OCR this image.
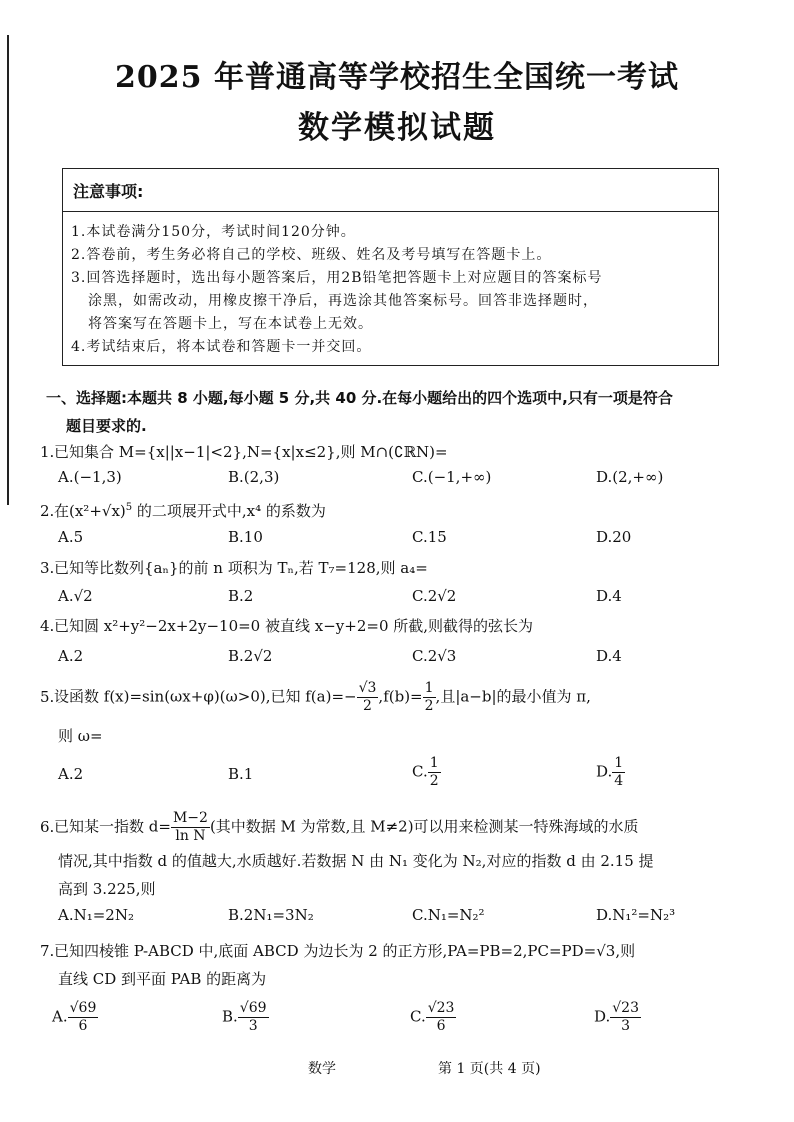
2025 年普通高等学校招生全国统一考试
数学模拟试题
注意事项:
1.本试卷满分150分，考试时间120分钟。
2.答卷前，考生务必将自己的学校、班级、姓名及考号填写在答题卡上。
3.回答选择题时，选出每小题答案后，用2B铅笔把答题卡上对应题目的答案标号
涂黑，如需改动，用橡皮擦干净后，再选涂其他答案标号。回答非选择题时，
将答案写在答题卡上，写在本试卷上无效。
4.考试结束后，将本试卷和答题卡一并交回。
一、选择题:本题共 8 小题,每小题 5 分,共 40 分.在每小题给出的四个选项中,只有一项是符合
题目要求的.
1.已知集合 M={x||x−1|<2},N={x|x≤2},则 M∩(∁ℝN)=
A.(−1,3)	B.(2,3)	C.(−1,+∞)	D.(2,+∞)
2.在$(x^2+√x)^5$ 的二项展开式中,x⁴ 的系数为
A.5	B.10	C.15	D.20
3.已知等比数列{aₙ}的前 n 项积为 Tₙ,若 T₇=128,则 a₄=
A.√2	B.2	C.2√2	D.4
4.已知圆 x²+y²−2x+2y−10=0 被直线 x−y+2=0 所截,则截得的弦长为
A.2	B.2√2	C.2√3	D.4
5.设函数 f(x)=sin(ωx+φ)(ω>0),已知 $f(a)=- \frac{√3}{2} ,f(b)= \frac{1}{2}$ ,且|a−b|的最小值为 π,
则 ω=
A.2	B.1	C. $\frac{1}{2}$	D. $\frac{1}{4}$
6.已知某一指数 $d= \frac{M-2}{\text{ln N}}$ (其中数据 M 为常数,且 M≠2)可以用来检测某一特殊海域的水质
情况,其中指数 d 的值越大,水质越好.若数据 N 由 N₁ 变化为 N₂,对应的指数 d 由 2.15 提
高到 3.225,则
A.N₁=2N₂	B.2N₁=3N₂	C.N₁=N₂²	D.N₁²=N₂³
7.已知四棱锥 P-ABCD 中,底面 ABCD 为边长为 2 的正方形,PA=PB=2,PC=PD=√3,则
直线 CD 到平面 PAB 的距离为
A. $\frac{√69}{6}$	B. $\frac{√69}{3}$	C. $\frac{√23}{6}$	D. $\frac{√23}{3}$
数学	第 1 页(共 4 页)
